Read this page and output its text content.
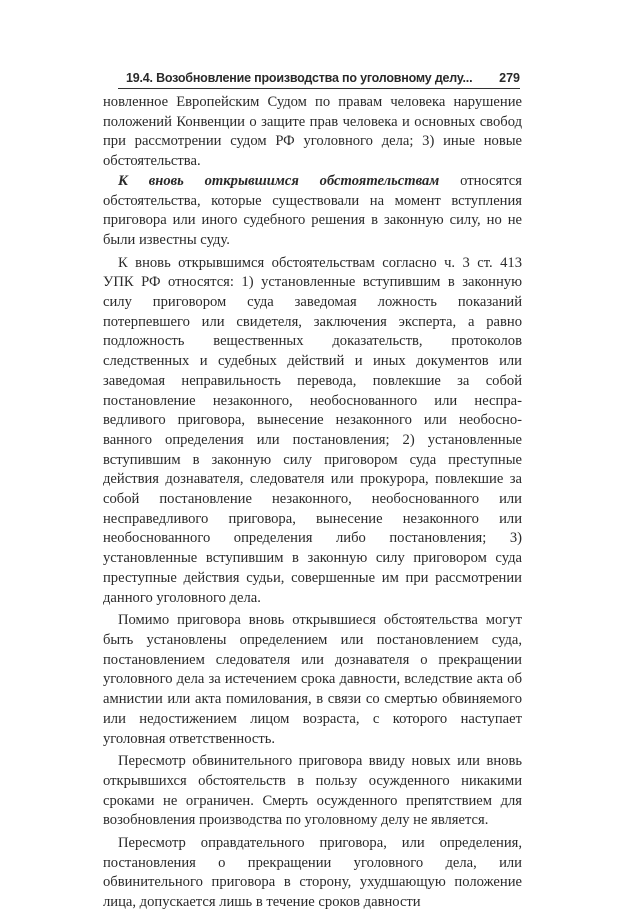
19.4. Возобновление производства по уголовному делу... 279

новленное Европейским Судом по правам человека нарушение положений Конвенции о защите прав человека и основных свобод при рассмотрении судом РФ уголовного дела; 3) иные новые обстоятельства.

К вновь открывшимся обстоятельствам относятся обстоятельства, которые существовали на момент вступления приговора или иного судебного решения в законную силу, но не были известны суду.

К вновь открывшимся обстоятельствам согласно ч. 3 ст. 413 УПК РФ относятся: 1) установленные вступившим в законную силу приговором суда заведомая ложность показаний потерпевшего или свидетеля, заключения эксперта, а равно подложность вещественных доказательств, протоколов следственных и судебных действий и иных документов или заведомая неправильность перевода, повлекшие за собой постановление незаконного, необоснованного или несправедливого приговора, вынесение незаконного или необоснованного определения или постановления; 2) установленные вступившим в законную силу приговором суда преступные действия дознавателя, следователя или прокурора, повлекшие за собой постановление незаконного, необоснованного или несправедливого приговора, вынесение незаконного или необоснованного определения либо постановления; 3) установленные вступившим в законную силу приговором суда преступные действия судьи, совершенные им при рассмотрении данного уголовного дела.

Помимо приговора вновь открывшиеся обстоятельства могут быть установлены определением или постановлением суда, постановлением следователя или дознавателя о прекращении уголовного дела за истечением срока давности, вследствие акта об амнистии или акта помилования, в связи со смертью обвиняемого или недостижением лицом возраста, с которого наступает уголовная ответственность.

Пересмотр обвинительного приговора ввиду новых или вновь открывшихся обстоятельств в пользу осужденного никакими сроками не ограничен. Смерть осужденного препятствием для возобновления производства по уголовному делу не является.

Пересмотр оправдательного приговора, или определения, постановления о прекращении уголовного дела, или обвинительного приговора в сторону, ухудшающую положение лица, допускается лишь в течение сроков давности
